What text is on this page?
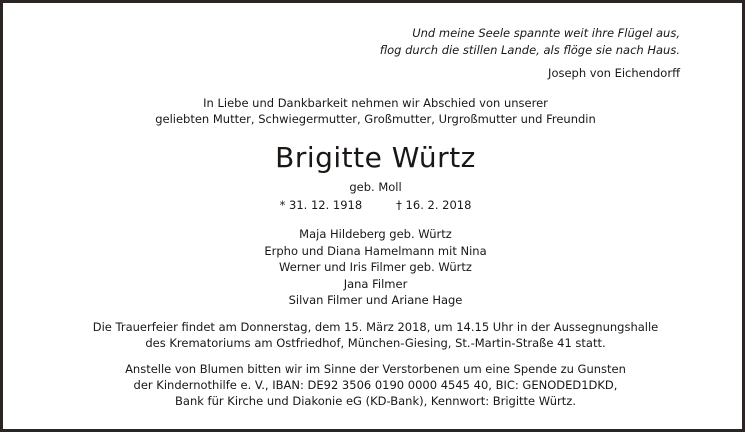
Und meine Seele spannte weit ihre Flügel aus,
flog durch die stillen Lande, als flöge sie nach Haus.
Joseph von Eichendorff
In Liebe und Dankbarkeit nehmen wir Abschied von unserer
geliebten Mutter, Schwiegermutter, Großmutter, Urgroßmutter und Freundin
Brigitte Würtz
geb. Moll
* 31. 12. 1918	† 16. 2. 2018
Maja Hildeberg geb. Würtz
Erpho und Diana Hamelmann mit Nina
Werner und Iris Filmer geb. Würtz
Jana Filmer
Silvan Filmer und Ariane Hage
Die Trauerfeier findet am Donnerstag, dem 15. März 2018, um 14.15 Uhr in der Aussegnungshalle
des Krematoriums am Ostfriedhof, München-Giesing, St.-Martin-Straße 41 statt.
Anstelle von Blumen bitten wir im Sinne der Verstorbenen um eine Spende zu Gunsten
der Kindernothilfe e. V., IBAN: DE92 3506 0190 0000 4545 40, BIC: GENODED1DKD,
Bank für Kirche und Diakonie eG (KD-Bank), Kennwort: Brigitte Würtz.
